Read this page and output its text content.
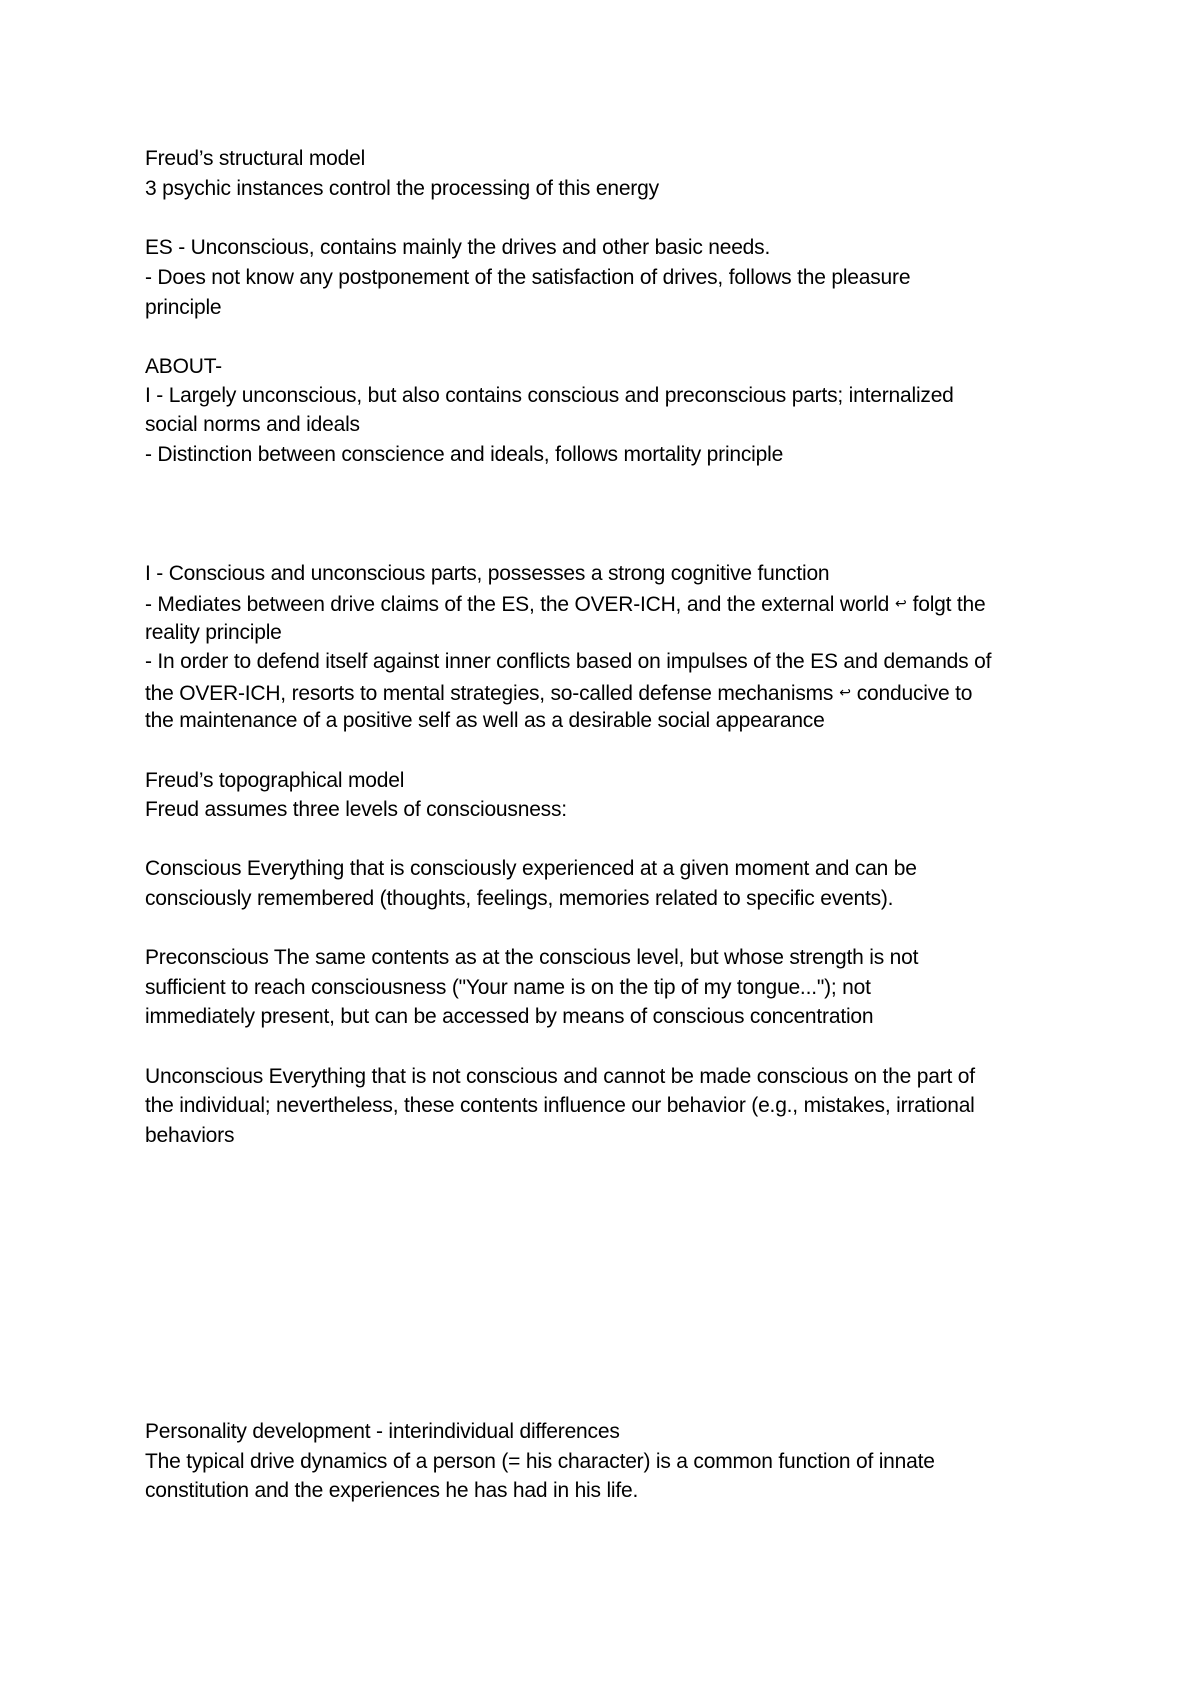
Freud’s structural model
3 psychic instances control the processing of this energy
ES - Unconscious, contains mainly the drives and other basic needs.
- Does not know any postponement of the satisfaction of drives, follows the pleasure
principle
ABOUT-
I - Largely unconscious, but also contains conscious and preconscious parts; internalized
social norms and ideals
- Distinction between conscience and ideals, follows mortality principle
I - Conscious and unconscious parts, possesses a strong cognitive function
- Mediates between drive claims of the ES, the OVER-ICH, and the external world ↩ folgt the
reality principle
- In order to defend itself against inner conflicts based on impulses of the ES and demands of
the OVER-ICH, resorts to mental strategies, so-called defense mechanisms ↩ conducive to
the maintenance of a positive self as well as a desirable social appearance
Freud’s topographical model
Freud assumes three levels of consciousness:
Conscious Everything that is consciously experienced at a given moment and can be
consciously remembered (thoughts, feelings, memories related to specific events).
Preconscious The same contents as at the conscious level, but whose strength is not
sufficient to reach consciousness ("Your name is on the tip of my tongue..."); not
immediately present, but can be accessed by means of conscious concentration
Unconscious Everything that is not conscious and cannot be made conscious on the part of
the individual; nevertheless, these contents influence our behavior (e.g., mistakes, irrational
behaviors
Personality development - interindividual differences
The typical drive dynamics of a person (= his character) is a common function of innate
constitution and the experiences he has had in his life.
